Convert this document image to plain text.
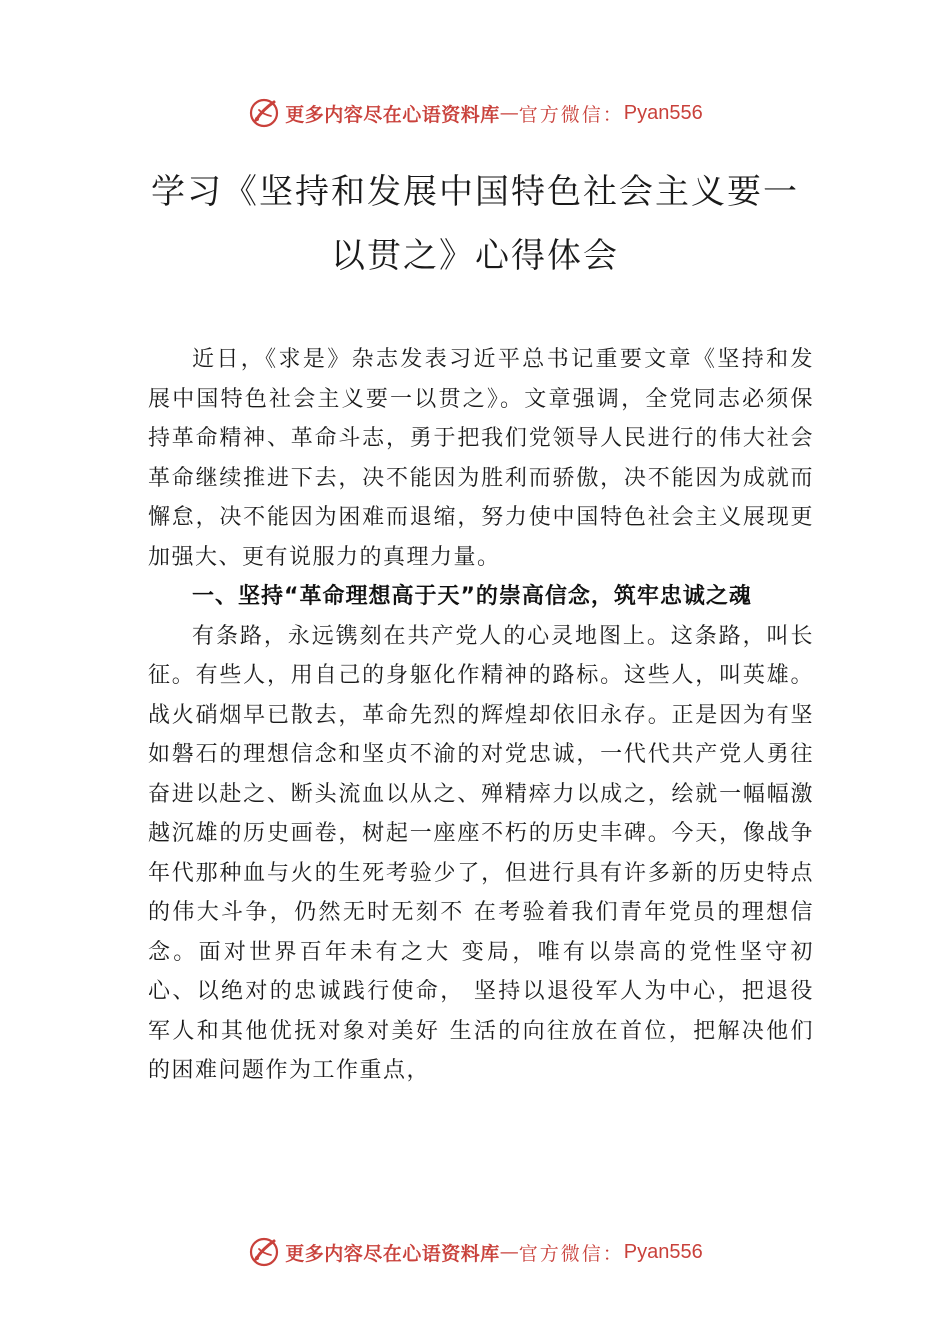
更多内容尽在心语资料库 — 官方微信： Pyan556
学习《坚持和发展中国特色社会主义要一
以贯之》心得体会

近日，《求是》杂志发表习近平总书记重要文章《坚持和发展中国特色社会主义要一以贯之》。文章强调，全党同志必须保持革命精神、革命斗志，勇于把我们党领导人民进行的伟大社会革命继续推进下去，决不能因为胜利而骄傲，决不能因为成就而懈怠，决不能因为困难而退缩，努力使中国特色社会主义展现更加强大、更有说服力的真理力量。

一、坚持“革命理想高于天”的崇高信念，筑牢忠诚之魂

有条路，永远镌刻在共产党人的心灵地图上。这条路，叫长征。有些人，用自己的身躯化作精神的路标。这些人，叫英雄。战火硝烟早已散去，革命先烈的辉煌却依旧永存。正是因为有坚如磐石的理想信念和坚贞不渝的对党忠诚，一代代共产党人勇往奋进以赴之、断头流血以从之、殚精瘁力以成之，绘就一幅幅激越沉雄的历史画卷，树起一座座不朽的历史丰碑。今天，像战争年代那种血与火的生死考验少了，但进行具有许多新的历史特点的伟大斗争，仍然无时无刻不 在考验着我们青年党员的理想信念。面对世界百年未有之大 变局，唯有以崇高的党性坚守初心、以绝对的忠诚践行使命， 坚持以退役军人为中心，把退役军人和其他优抚对象对美好 生活的向往放在首位，把解决他们的困难问题作为工作重点，

更多内容尽在心语资料库 — 官方微信： Pyan556
